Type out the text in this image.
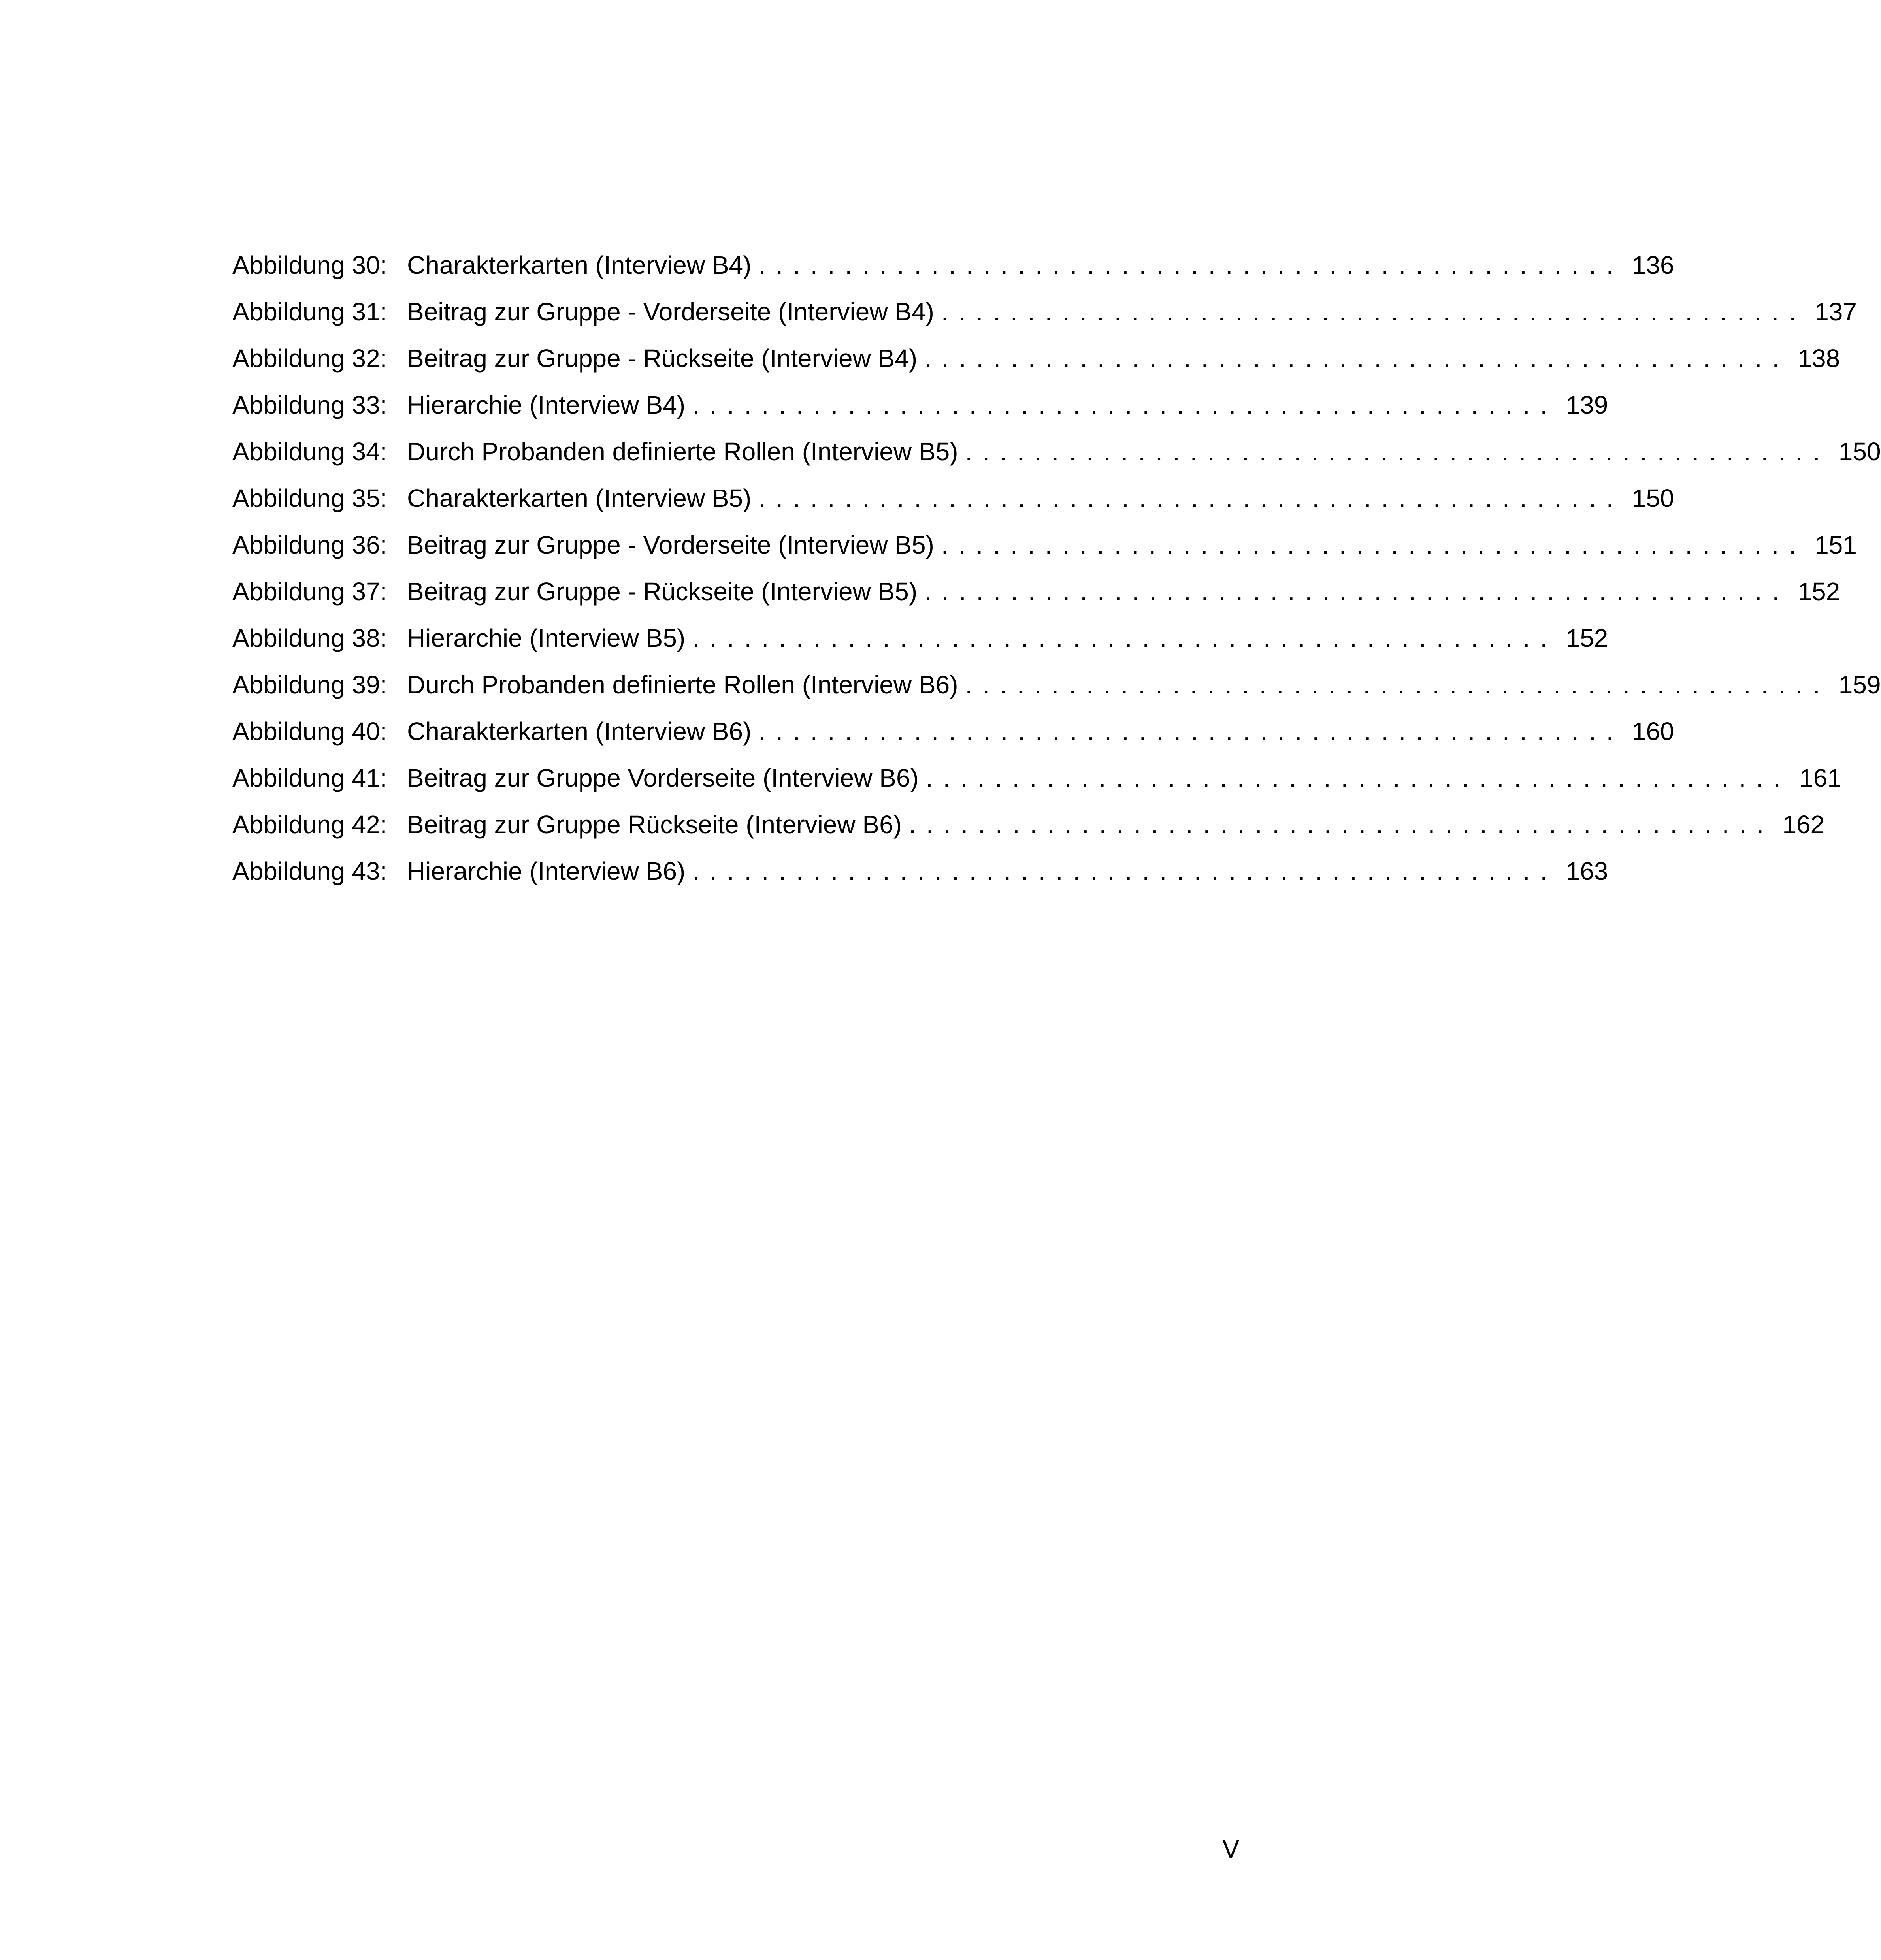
Abbildung 30: Charakterkarten (Interview B4) .................................................. 136
Abbildung 31: Beitrag zur Gruppe - Vorderseite (Interview B4) .................................................. 137
Abbildung 32: Beitrag zur Gruppe - Rückseite (Interview B4) .................................................. 138
Abbildung 33: Hierarchie (Interview B4) .................................................. 139
Abbildung 34: Durch Probanden definierte Rollen (Interview B5) .................................................. 150
Abbildung 35: Charakterkarten (Interview B5) .................................................. 150
Abbildung 36: Beitrag zur Gruppe - Vorderseite (Interview B5) .................................................. 151
Abbildung 37: Beitrag zur Gruppe - Rückseite (Interview B5) .................................................. 152
Abbildung 38: Hierarchie (Interview B5) .................................................. 152
Abbildung 39: Durch Probanden definierte Rollen (Interview B6) .................................................. 159
Abbildung 40: Charakterkarten (Interview B6) .................................................. 160
Abbildung 41: Beitrag zur Gruppe Vorderseite (Interview B6) .................................................. 161
Abbildung 42: Beitrag zur Gruppe Rückseite (Interview B6) .................................................. 162
Abbildung 43: Hierarchie (Interview B6) .................................................. 163
V
